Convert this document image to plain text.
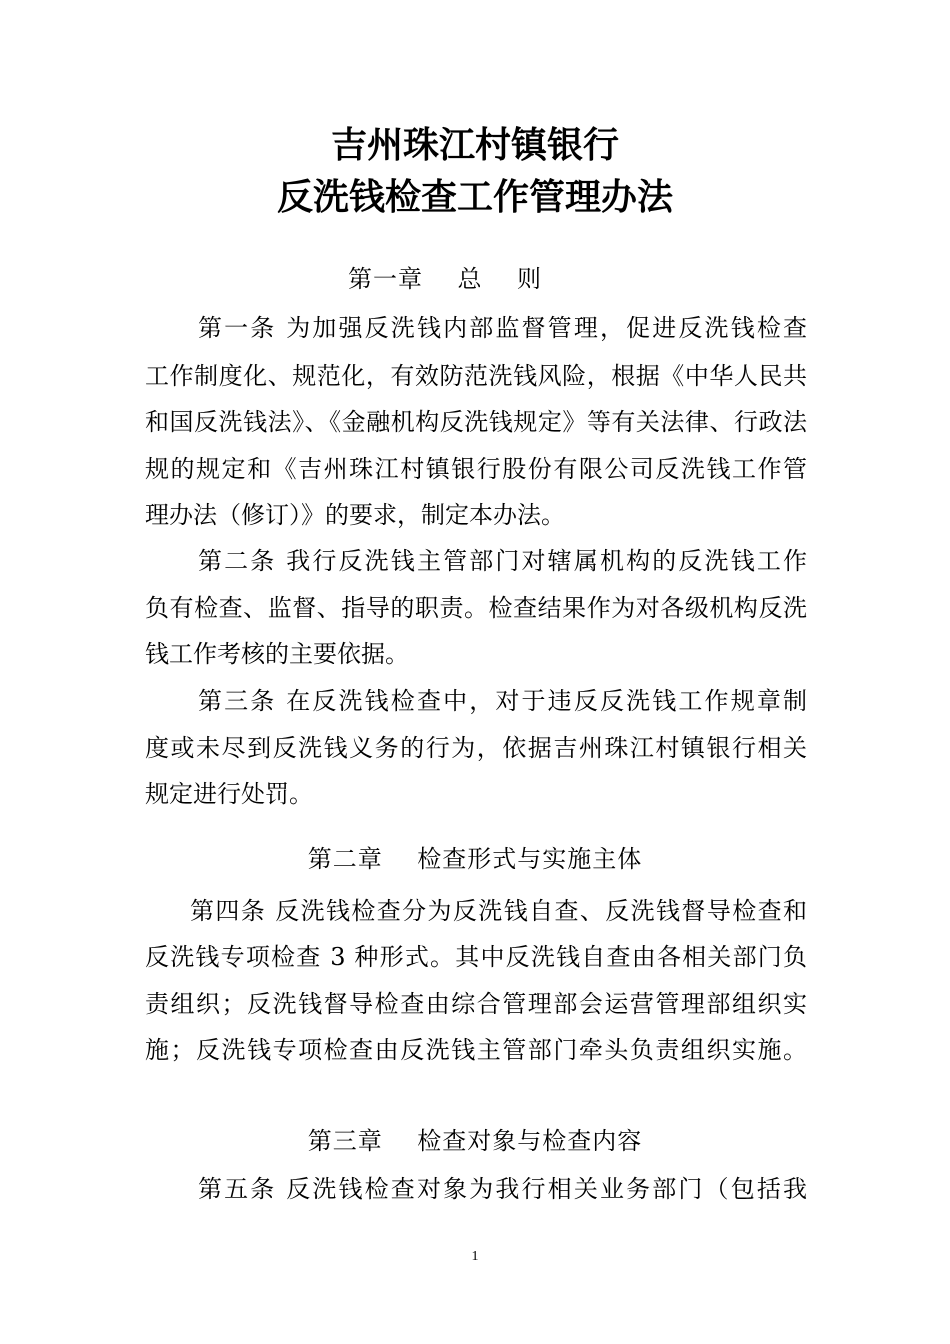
吉州珠江村镇银行
反洗钱检查工作管理办法
第一章    总    则
第一条 为加强反洗钱内部监督管理，促进反洗钱检查
工作制度化、规范化，有效防范洗钱风险，根据《中华人民共
和国反洗钱法》、《金融机构反洗钱规定》等有关法律、行政法
规的规定和《吉州珠江村镇银行股份有限公司反洗钱工作管
理办法（修订）》的要求，制定本办法。
第二条 我行反洗钱主管部门对辖属机构的反洗钱工作
负有检查、监督、指导的职责。检查结果作为对各级机构反洗
钱工作考核的主要依据。
第三条 在反洗钱检查中，对于违反反洗钱工作规章制
度或未尽到反洗钱义务的行为，依据吉州珠江村镇银行相关
规定进行处罚。
第二章    检查形式与实施主体
第四条 反洗钱检查分为反洗钱自查、反洗钱督导检查和
反洗钱专项检查 3 种形式。其中反洗钱自查由各相关部门负
责组织；反洗钱督导检查由综合管理部会运营管理部组织实
施；反洗钱专项检查由反洗钱主管部门牵头负责组织实施。
第三章    检查对象与检查内容
第五条 反洗钱检查对象为我行相关业务部门（包括我
1
